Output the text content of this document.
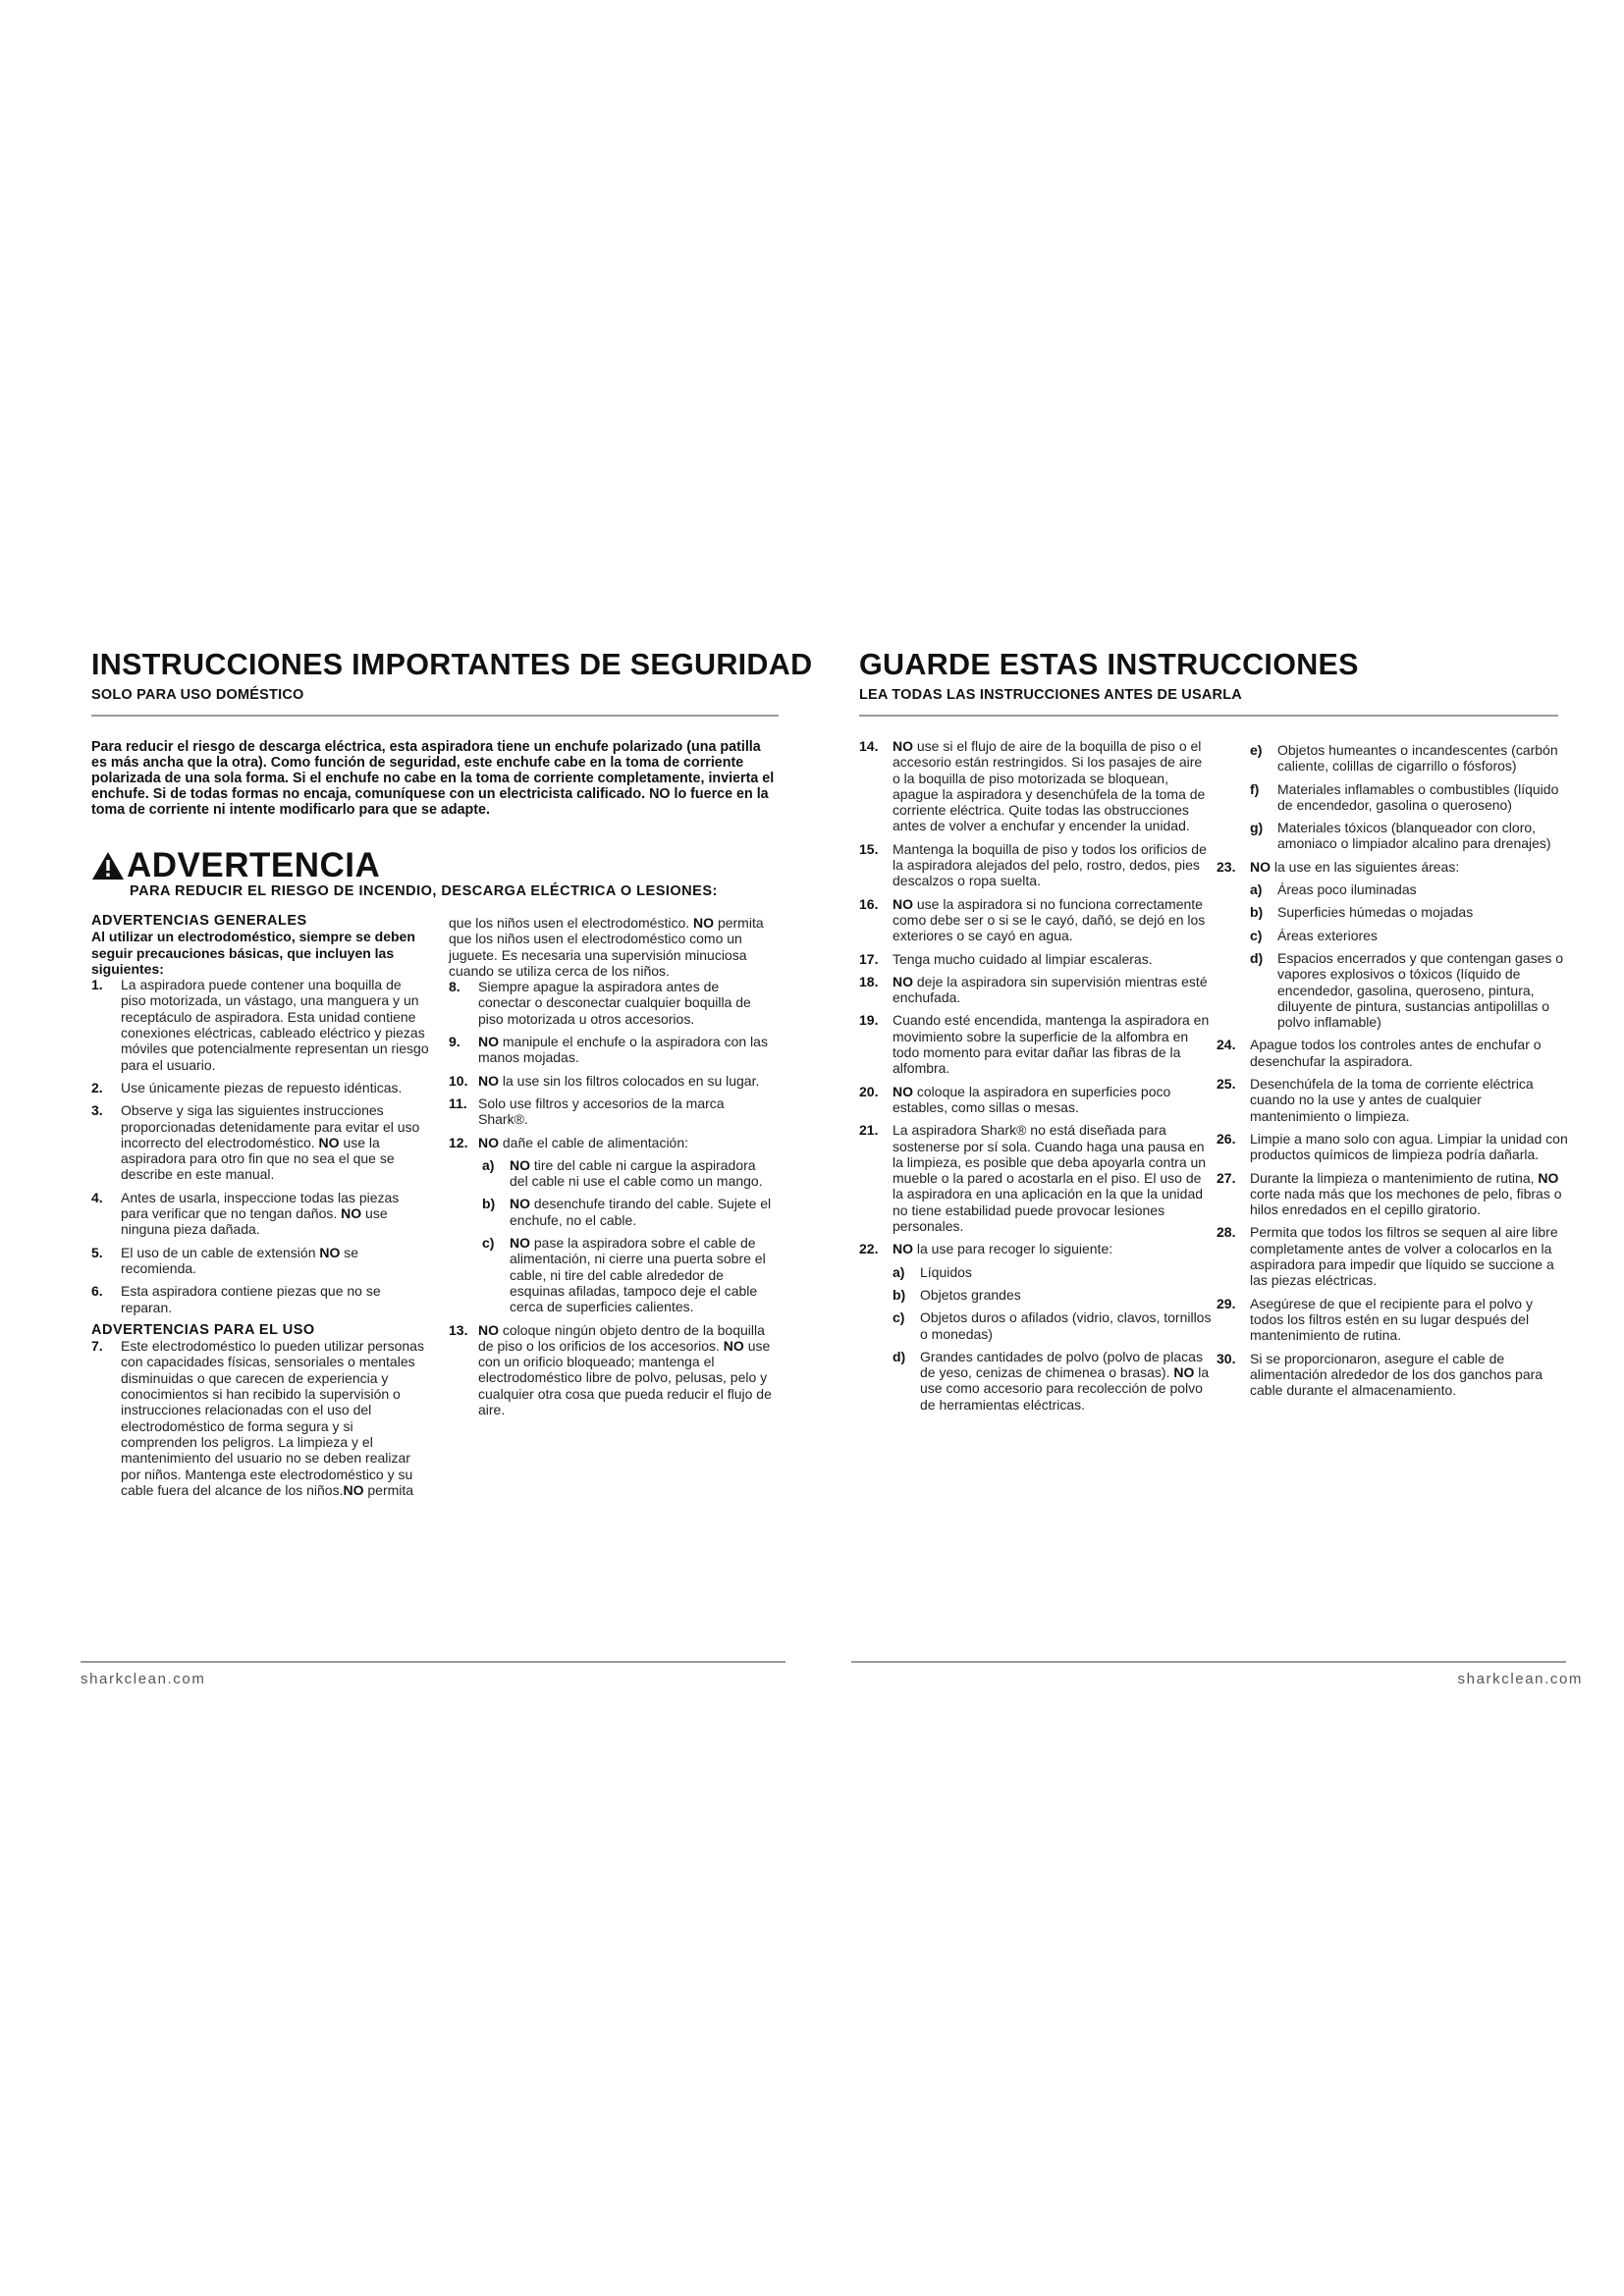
INSTRUCCIONES IMPORTANTES DE SEGURIDAD

SOLO PARA USO DOMÉSTICO

Para reducir el riesgo de descarga eléctrica, esta aspiradora tiene un enchufe polarizado (una patilla es más ancha que la otra). Como función de seguridad, este enchufe cabe en la toma de corriente polarizada de una sola forma. Si el enchufe no cabe en la toma de corriente completamente, invierta el enchufe. Si de todas formas no encaja, comuníquese con un electricista calificado. NO lo fuerce en la toma de corriente ni intente modificarlo para que se adapte.

ADVERTENCIA

PARA REDUCIR EL RIESGO DE INCENDIO, DESCARGA ELÉCTRICA O LESIONES:

ADVERTENCIAS GENERALES

Al utilizar un electrodoméstico, siempre se deben seguir precauciones básicas, que incluyen las siguientes:

1.	La aspiradora puede contener una boquilla de piso motorizada, un vástago, una manguera y un receptáculo de aspiradora. Esta unidad contiene conexiones eléctricas, cableado eléctrico y piezas móviles que potencialmente representan un riesgo para el usuario.
2.	Use únicamente piezas de repuesto idénticas.
3.	Observe y siga las siguientes instrucciones proporcionadas detenidamente para evitar el uso incorrecto del electrodoméstico. NO use la aspiradora para otro fin que no sea el que se describe en este manual.
4.	Antes de usarla, inspeccione todas las piezas para verificar que no tengan daños. NO use ninguna pieza dañada.
5.	El uso de un cable de extensión NO se recomienda.
6.	Esta aspiradora contiene piezas que no se reparan.

ADVERTENCIAS PARA EL USO

7.	Este electrodoméstico lo pueden utilizar personas con capacidades físicas, sensoriales o mentales disminuidas o que carecen de experiencia y conocimientos si han recibido la supervisión o instrucciones relacionadas con el uso del electrodoméstico de forma segura y si comprenden los peligros. La limpieza y el mantenimiento del usuario no se deben realizar por niños. Mantenga este electrodoméstico y su cable fuera del alcance de los niños.NO permita

que los niños usen el electrodoméstico. NO permita que los niños usen el electrodoméstico como un juguete. Es necesaria una supervisión minuciosa cuando se utiliza cerca de los niños.

8.	Siempre apague la aspiradora antes de conectar o desconectar cualquier boquilla de piso motorizada u otros accesorios.
9.	NO manipule el enchufe o la aspiradora con las manos mojadas.
10. NO la use sin los filtros colocados en su lugar.
11. Solo use filtros y accesorios de la marca Shark®.
12. NO dañe el cable de alimentación:
a)	NO tire del cable ni cargue la aspiradora del cable ni use el cable como un mango.
b)	NO desenchufe tirando del cable. Sujete el enchufe, no el cable.
c)	NO pase la aspiradora sobre el cable de alimentación, ni cierre una puerta sobre el cable, ni tire del cable alrededor de esquinas afiladas, tampoco deje el cable cerca de superficies calientes.
13. NO coloque ningún objeto dentro de la boquilla de piso o los orificios de los accesorios. NO use con un orificio bloqueado; mantenga el electrodoméstico libre de polvo, pelusas, pelo y cualquier otra cosa que pueda reducir el flujo de aire.
sharkclean.com
GUARDE ESTAS INSTRUCCIONES

LEA TODAS LAS INSTRUCCIONES ANTES DE USARLA

14.	NO use si el flujo de aire de la boquilla de piso o el accesorio están restringidos. Si los pasajes de aire o la boquilla de piso motorizada se bloquean, apague la aspiradora y desenchúfela de la toma de corriente eléctrica. Quite todas las obstrucciones antes de volver a enchufar y encender la unidad.
15.	Mantenga la boquilla de piso y todos los orificios de la aspiradora alejados del pelo, rostro, dedos, pies descalzos o ropa suelta.
16.	NO use la aspiradora si no funciona correctamente como debe ser o si se le cayó, dañó, se dejó en los exteriores o se cayó en agua.
17.	Tenga mucho cuidado al limpiar escaleras.
18.	NO deje la aspiradora sin supervisión mientras esté enchufada.
19.	Cuando esté encendida, mantenga la aspiradora en movimiento sobre la superficie de la alfombra en todo momento para evitar dañar las fibras de la alfombra.
20.	NO coloque la aspiradora en superficies poco estables, como sillas o mesas.
21.	La aspiradora Shark® no está diseñada para sostenerse por sí sola. Cuando haga una pausa en la limpieza, es posible que deba apoyarla contra un mueble o la pared o acostarla en el piso. El uso de la aspiradora en una aplicación en la que la unidad no tiene estabilidad puede provocar lesiones personales.
22.	NO la use para recoger lo siguiente:
a)	Líquidos
b)	Objetos grandes
c)	Objetos duros o afilados (vidrio, clavos, tornillos o monedas)
d)	Grandes cantidades de polvo (polvo de placas de yeso, cenizas de chimenea o brasas). NO la use como accesorio para recolección de polvo de herramientas eléctricas.
e)	Objetos humeantes o incandescentes (carbón caliente, colillas de cigarrillo o fósforos)
f)	Materiales inflamables o combustibles (líquido de encendedor, gasolina o queroseno)
g)	Materiales tóxicos (blanqueador con cloro, amoniaco o limpiador alcalino para drenajes)
23.	NO la use en las siguientes áreas:
a)	Áreas poco iluminadas
b)	Superficies húmedas o mojadas
c)	Áreas exteriores
d)	Espacios encerrados y que contengan gases o vapores explosivos o tóxicos (líquido de encendedor, gasolina, queroseno, pintura, diluyente de pintura, sustancias antipolillas o polvo inflamable)
24.	Apague todos los controles antes de enchufar o desenchufar la aspiradora.
25.	Desenchúfela de la toma de corriente eléctrica cuando no la use y antes de cualquier mantenimiento o limpieza.
26.	Limpie a mano solo con agua. Limpiar la unidad con productos químicos de limpieza podría dañarla.
27.	Durante la limpieza o mantenimiento de rutina, NO corte nada más que los mechones de pelo, fibras o hilos enredados en el cepillo giratorio.
28.	Permita que todos los filtros se sequen al aire libre completamente antes de volver a colocarlos en la aspiradora para impedir que líquido se succione a las piezas eléctricas.
29.	Asegúrese de que el recipiente para el polvo y todos los filtros estén en su lugar después del mantenimiento de rutina.
30.	Si se proporcionaron, asegure el cable de alimentación alrededor de los dos ganchos para cable durante el almacenamiento.
sharkclean.com
